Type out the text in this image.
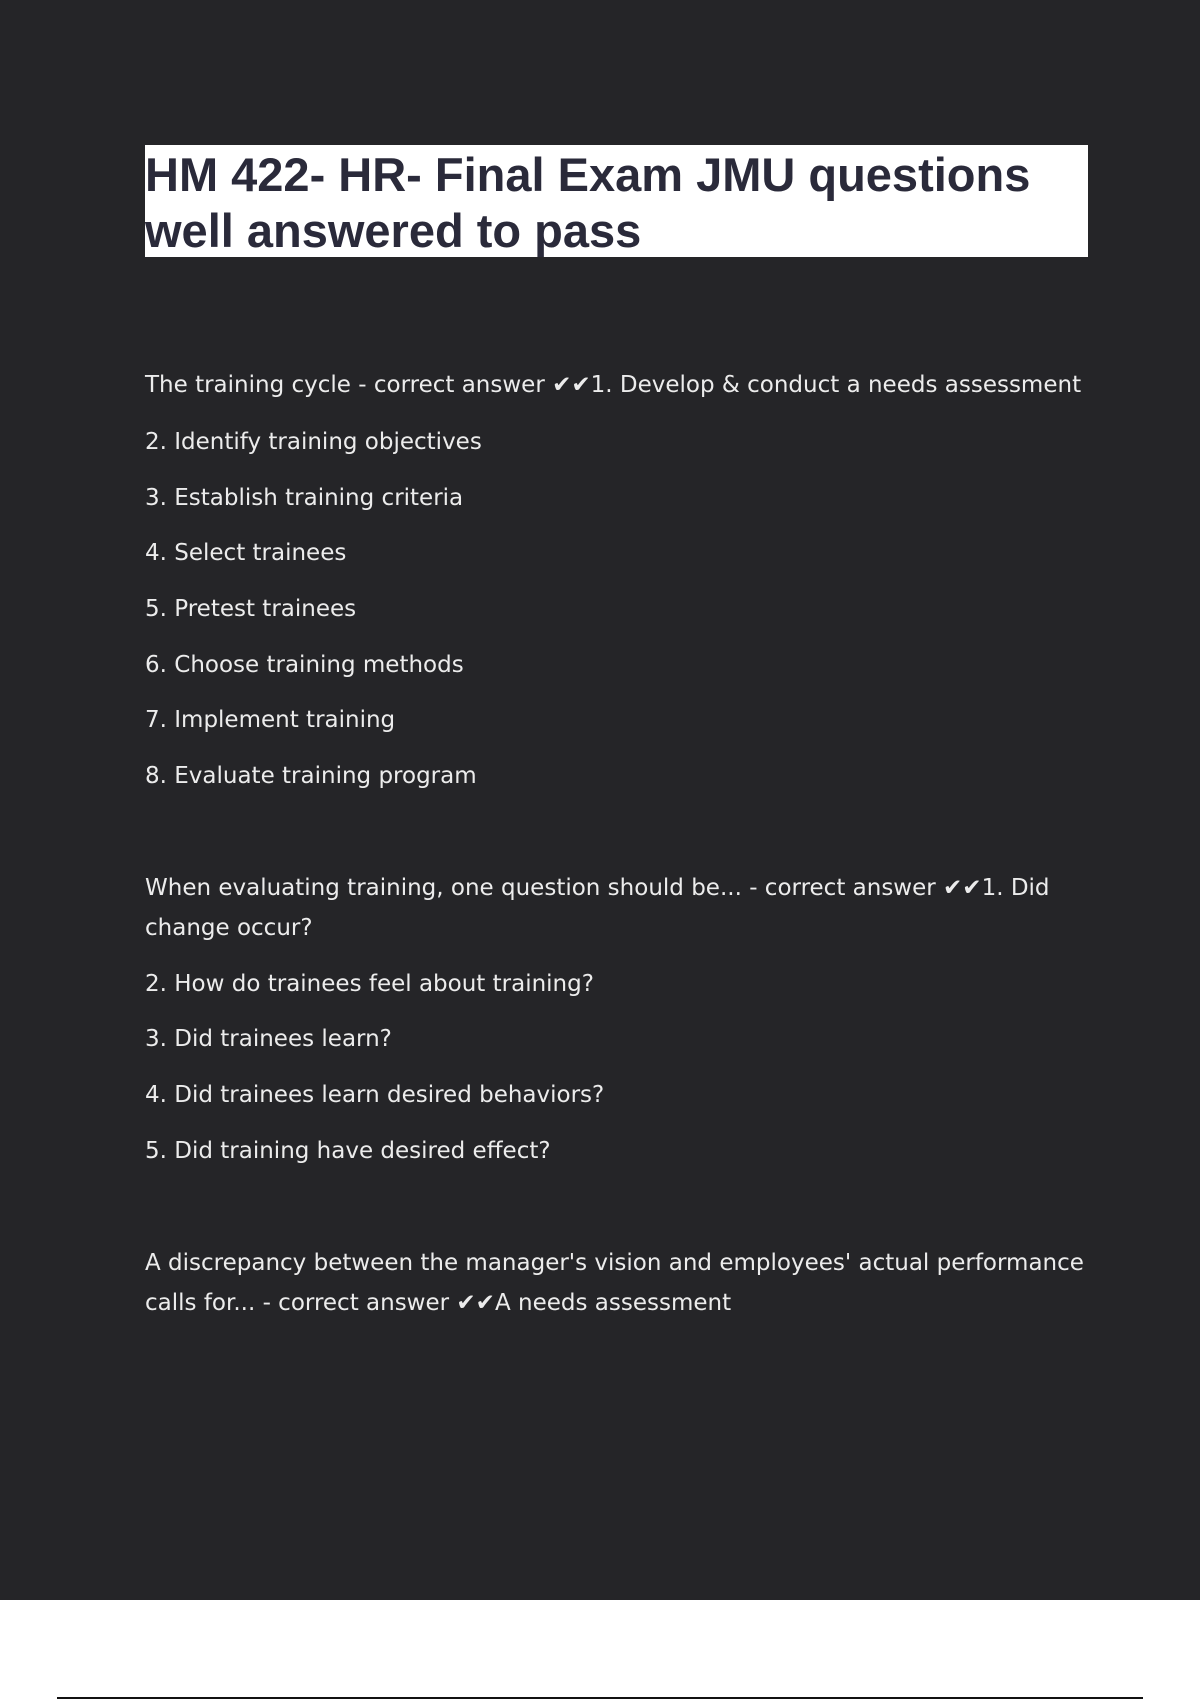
HM 422- HR- Final Exam JMU questions well answered to pass

The training cycle - correct answer ✔✔1. Develop & conduct a needs assessment

2. Identify training objectives

3. Establish training criteria

4. Select trainees

5. Pretest trainees

6. Choose training methods

7. Implement training

8. Evaluate training program

When evaluating training, one question should be... - correct answer ✔✔1. Did change occur?

2. How do trainees feel about training?

3. Did trainees learn?

4. Did trainees learn desired behaviors?

5. Did training have desired effect?

A discrepancy between the manager's vision and employees' actual performance calls for... - correct answer ✔✔A needs assessment
